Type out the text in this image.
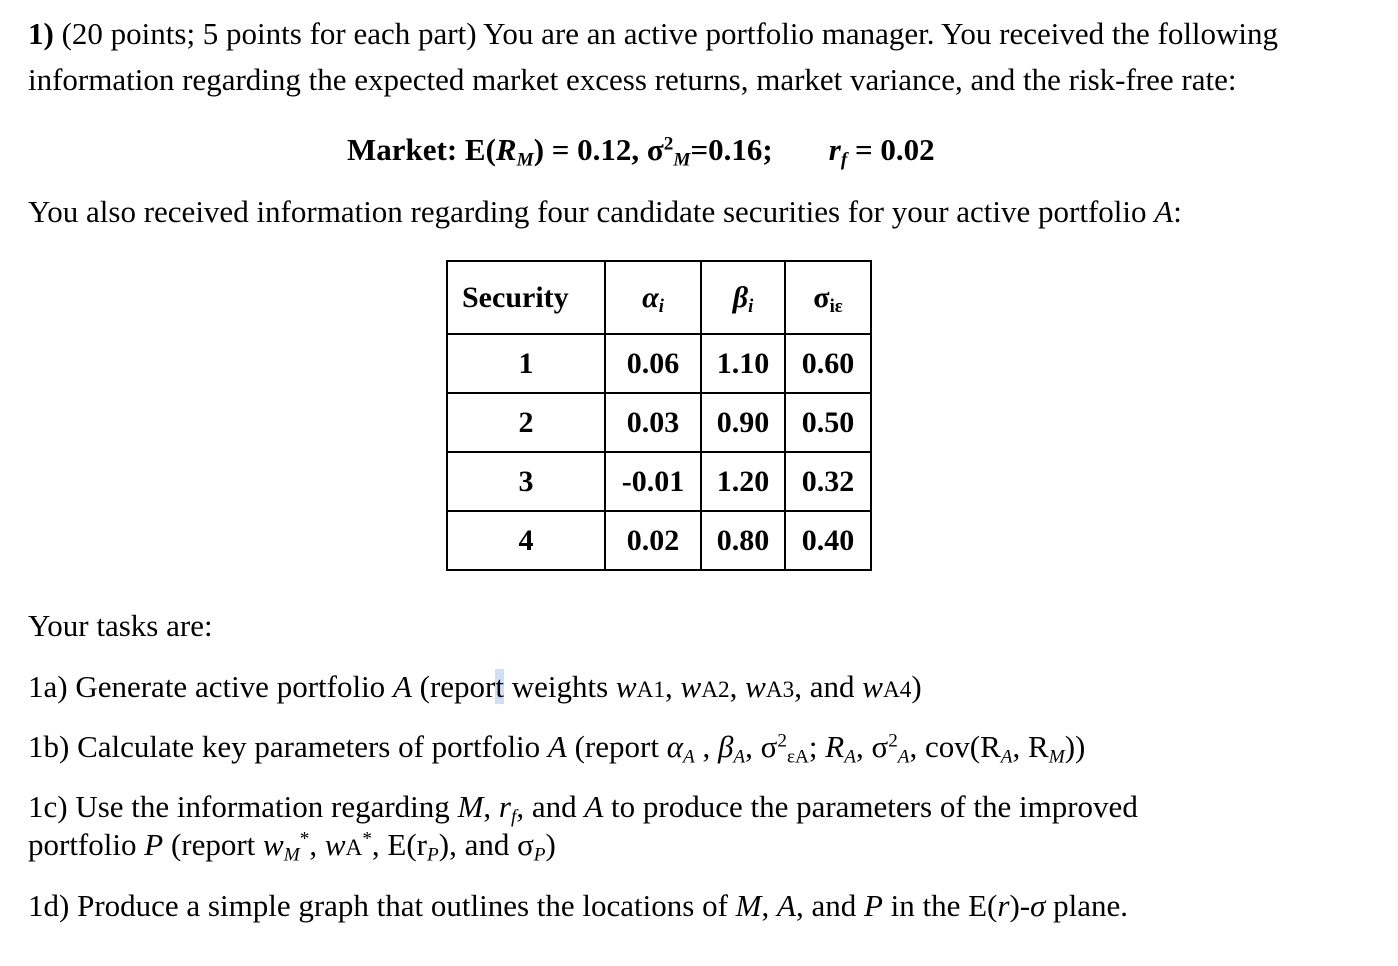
1) (20 points; 5 points for each part) You are an active portfolio manager. You received the following
information regarding the expected market excess returns, market variance, and the risk-free rate:
Market: $E(R_M) = 0.12$, $\sigma^2_M=0.16$; $r_f = 0.02$
You also received information regarding four candidate securities for your active portfolio A:
Security	$\alpha_i$	$\beta_i$	$\sigma_{i\varepsilon}$
1	0.06	1.10	0.60
2	0.03	0.90	0.50
3	-0.01	1.20	0.32
4	0.02	0.80	0.40
Your tasks are:
1a) Generate active portfolio A (report weights wA1, wA2, wA3, and wA4)
1b) Calculate key parameters of portfolio A (report $\alpha_A$ , $\beta_A$, $\sigma^2_{\varepsilon A}$; $R_A$, $\sigma^2_A$, $cov(R_A$, $R_M$))
1c) Use the information regarding M, $r_f$, and A to produce the parameters of the improved
portfolio P (report $w_M^*$, wA*, $E(r_P)$, and $\sigma_P$)
1d) Produce a simple graph that outlines the locations of M, A, and P in the E(r)-σ plane.
